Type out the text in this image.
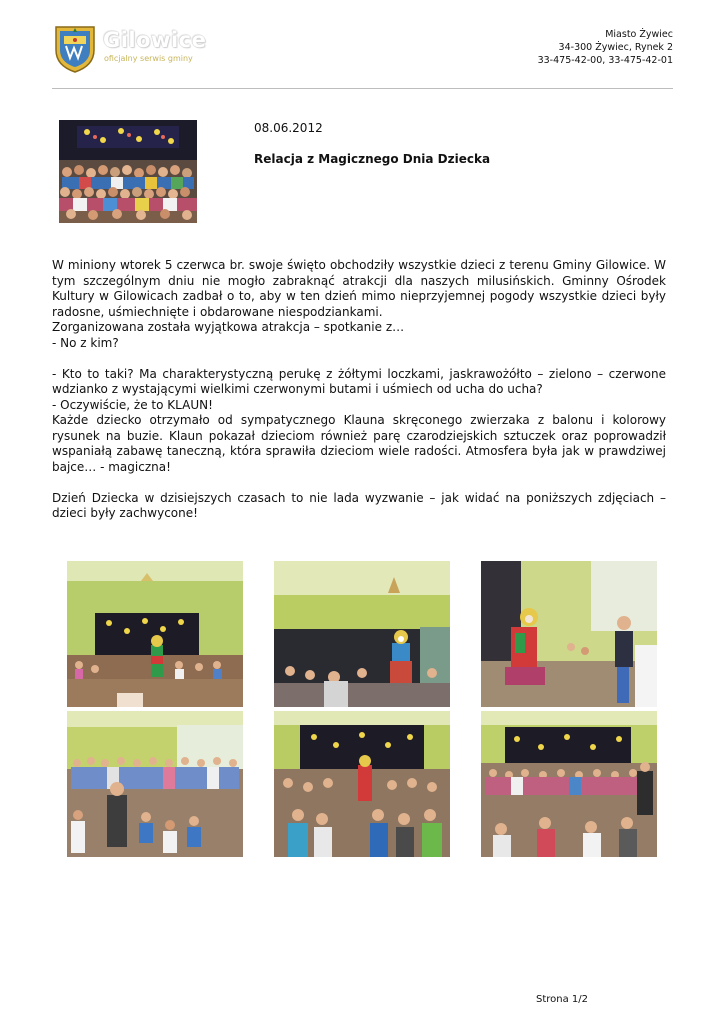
Gilowice
oficjalny serwis gminy
Miasto Żywiec
34-300 Żywiec, Rynek 2
33-475-42-00, 33-475-42-01
08.06.2012
Relacja z Magicznego Dnia Dziecka
W miniony wtorek 5 czerwca br. swoje święto obchodziły wszystkie dzieci z terenu Gminy Gilowice. W tym szczególnym dniu nie mogło zabraknąć atrakcji dla naszych milusińskich. Gminny Ośrodek Kultury w Gilowicach zadbał o to, aby w ten dzień mimo nieprzyjemnej pogody wszystkie dzieci były radosne, uśmiechnięte i obdarowane niespodziankami.
Zorganizowana została wyjątkowa atrakcja – spotkanie z…
- No z kim?
- Kto to taki? Ma charakterystyczną perukę z żółtymi loczkami, jaskrawożółto – zielono – czerwone wdzianko z wystającymi wielkimi czerwonymi butami i uśmiech od ucha do ucha?
- Oczywiście, że to KLAUN!
Każde dziecko otrzymało od sympatycznego Klauna skręconego zwierzaka z balonu i kolorowy rysunek na buzie. Klaun pokazał dzieciom również parę czarodziejskich sztuczek oraz poprowadził wspaniałą zabawę taneczną, która sprawiła dzieciom wiele radości. Atmosfera była jak w prawdziwej bajce… - magiczna!
Dzień Dziecka w dzisiejszych czasach to nie lada wyzwanie – jak widać na poniższych zdjęciach – dzieci były zachwycone!
Strona 1/2
